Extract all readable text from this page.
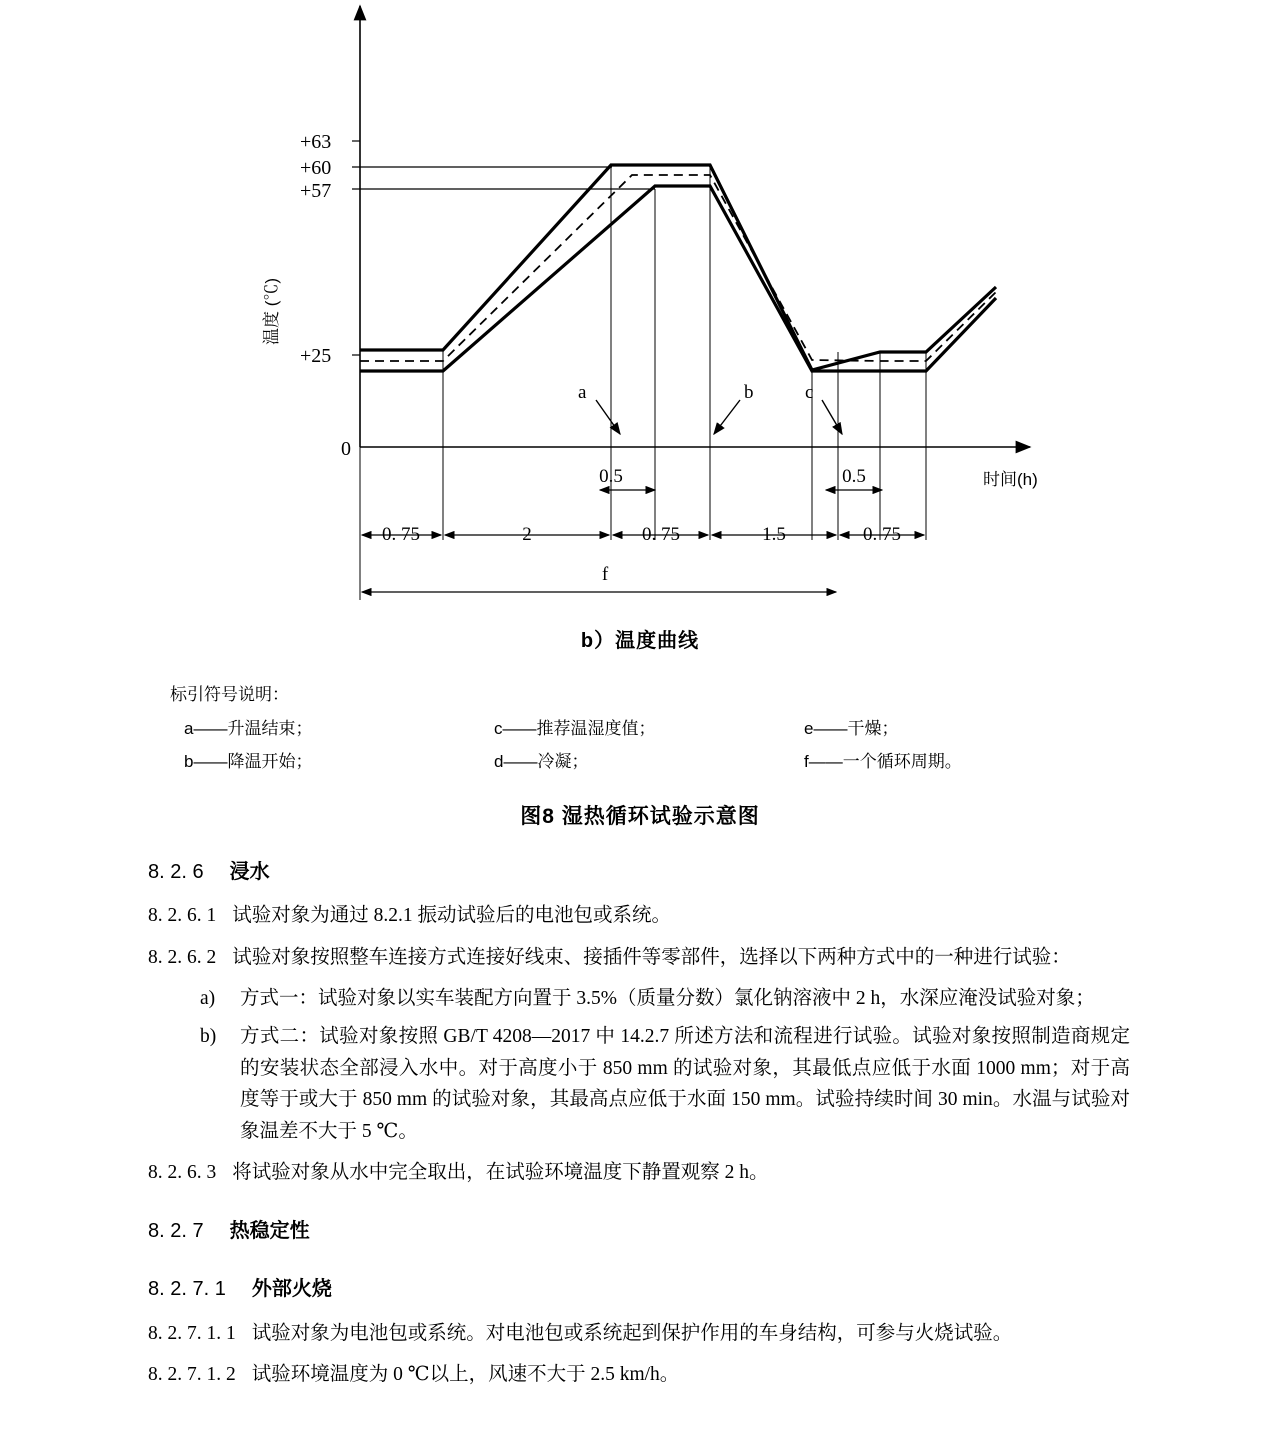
+63
+60
+57
+25
0
温度 (℃)
时间(h)
a	b	c
0.5	0.5
0. 75	2	0. 75	1.5	0. 75
f
b）温度曲线
标引符号说明：
a——升温结束；	c——推荐温湿度值；	e——干燥；
b——降温开始；	d——冷凝；	f——一个循环周期。
图8 湿热循环试验示意图
8. 2. 6 浸水
8. 2. 6. 1 试验对象为通过 8.2.1 振动试验后的电池包或系统。
8. 2. 6. 2 试验对象按照整车连接方式连接好线束、接插件等零部件，选择以下两种方式中的一种进行试验：
a)	方式一：试验对象以实车装配方向置于 3.5%（质量分数）氯化钠溶液中 2 h，水深应淹没试验对象；
b) 方式二：试验对象按照 GB/T 4208—2017 中 14.2.7 所述方法和流程进行试验。试验对象按照制造商规定的安装状态全部浸入水中。对于高度小于 850 mm 的试验对象，其最低点应低于水面 1000 mm；对于高度等于或大于 850 mm 的试验对象，其最高点应低于水面 150 mm。试验持续时间 30 min。水温与试验对象温差不大于 5 ℃。
8. 2. 6. 3 将试验对象从水中完全取出，在试验环境温度下静置观察 2 h。
8. 2. 7 热稳定性
8. 2. 7. 1 外部火烧
8. 2. 7. 1. 1 试验对象为电池包或系统。对电池包或系统起到保护作用的车身结构，可参与火烧试验。
8. 2. 7. 1. 2 试验环境温度为 0 ℃以上，风速不大于 2.5 km/h。
